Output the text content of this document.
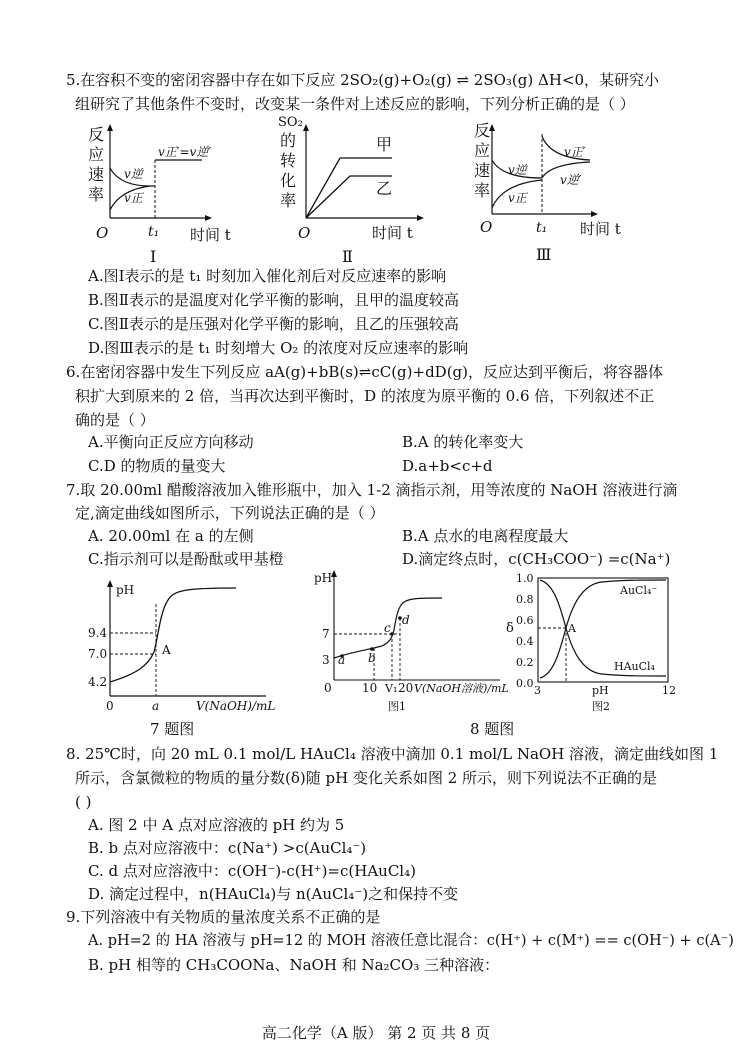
5.在容积不变的密闭容器中存在如下反应 2SO₂(g)+O₂(g) ⇌ 2SO₃(g) ΔH<0，某研究小
组研究了其他条件不变时，改变某一条件对上述反应的影响，下列分析正确的是（ ）
反
应
速
率
v正′=v逆′
v逆
v正
O	t₁ 时间 t
Ⅰ
SO₂
的
转
化
率
甲
乙
O	时间 t
Ⅱ
反
应
速
率
v正′
v逆′
v逆
v正
O	t₁ 时间 t
Ⅲ
A.图Ⅰ表示的是 t₁ 时刻加入催化剂后对反应速率的影响
B.图Ⅱ表示的是温度对化学平衡的影响，且甲的温度较高
C.图Ⅱ表示的是压强对化学平衡的影响，且乙的压强较高
D.图Ⅲ表示的是 t₁ 时刻增大 O₂ 的浓度对反应速率的影响
6.在密闭容器中发生下列反应 aA(g)+bB(s)⇌cC(g)+dD(g)，反应达到平衡后，将容器体
积扩大到原来的 2 倍，当再次达到平衡时，D 的浓度为原平衡的 0.6 倍，下列叙述不正
确的是（ ）
A.平衡向正反应方向移动	B.A 的转化率变大
C.D 的物质的量变大	D.a+b<c+d
7.取 20.00ml 醋酸溶液加入锥形瓶中，加入 1-2 滴指示剂，用等浓度的 NaOH 溶液进行滴
定,滴定曲线如图所示，下列说法正确的是（ ）
A. 20.00ml 在 a 的左侧	B.A 点水的电离程度最大
C.指示剂可以是酚酞或甲基橙	D.滴定终点时，c(CH₃COO⁻) =c(Na⁺)
pH
9.4
7.0
4.2
A
0	a	V(NaOH)/mL
7 题图
pH
7
3 a b
c
d
0	10 V₁ 20 V(NaOH溶液)/mL
图1
1.0
0.8
0.6
0.4
0.2
0.0
δ	A
AuCl₄⁻
HAuCl₄
3	pH	12
图2
8 题图
8. 25℃时，向 20 mL 0.1 mol/L HAuCl₄ 溶液中滴加 0.1 mol/L NaOH 溶液，滴定曲线如图 1
所示，含氯微粒的物质的量分数(δ)随 pH 变化关系如图 2 所示，则下列说法不正确的是
( )
A. 图 2 中 A 点对应溶液的 pH 约为 5
B. b 点对应溶液中：c(Na⁺) >c(AuCl₄⁻)
C. d 点对应溶液中：c(OH⁻)-c(H⁺)=c(HAuCl₄)
D. 滴定过程中，n(HAuCl₄)与 n(AuCl₄⁻)之和保持不变
9.下列溶液中有关物质的量浓度关系不正确的是
A. pH=2 的 HA 溶液与 pH=12 的 MOH 溶液任意比混合：c(H⁺) + c(M⁺) == c(OH⁻) + c(A⁻)
B. pH 相等的 CH₃COONa、NaOH 和 Na₂CO₃ 三种溶液：
高二化学（A 版） 第 2 页 共 8 页
